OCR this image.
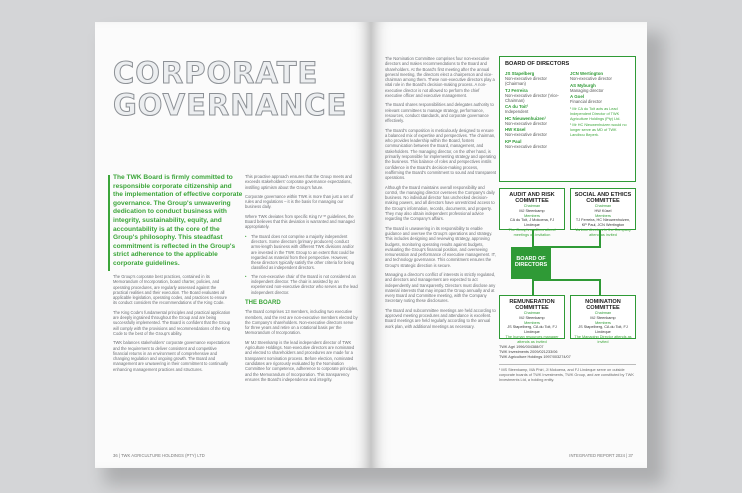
CORPORATE
GOVERNANCE
The TWK Board is firmly committed to responsible corporate citizenship and the implementation of effective corporate governance. The Group's unwavering dedication to conduct business with integrity, sustainability, equity, and accountability is at the core of the Group's philosophy. This steadfast commitment is reflected in the Group's strict adherence to the applicable corporate guidelines.

The Group's corporate best practices, contained in its Memorandum of Incorporation, board charter, policies, and operating procedures, are regularly assessed against the practical realities and their execution. The Board evaluates all applicable legislation, operating codes, and practices to ensure its conduct considers the recommendations of the King Code.

The King Code's fundamental principles and practical application are deeply ingrained throughout the Group and are being successfully implemented. The Board is confident that the Group will comply with the provisions and recommendations of the King Code to the best of the Group's ability.

TWK balances stakeholders' corporate governance expectations and the requirement to deliver consistent and competitive financial returns in an environment of comprehensive and changing regulation and ongoing growth. The Board and management are unwavering in their commitment to continually enhancing management practices and structures.

This proactive approach ensures that the Group meets and exceeds stakeholders' corporate governance expectations, instilling optimism about the Group's future.

Corporate governance within TWK is more than just a set of rules and regulations – it is the basis for managing our business daily.

Where TWK deviates from specific King IV™ guidelines, the Board believes that this deviation is warranted and managed appropriately.

• The Board does not comprise a majority independent directors. Some directors (primary producers) conduct arms-length business with different TWK divisions and/or are invested in the TWK Group to an extent that could be regarded as material from their perspective. However, these directors typically satisfy the other criteria for being classified as independent directors.
• The non-executive chair of the Board is not considered an independent director. The chair is assisted by an experienced non-executive director who serves as the lead independent director.
THE BOARD

The Board comprises 13 members, including two executive members, and the rest are non-executive members elected by the Company's shareholders. Non-executive directors serve for three years and retire on a rotational basis per the Memorandum of Incorporation.

Mr MJ Steenkamp is the lead independent director of TWK Agriculture Holdings. Non-executive directors are nominated and elected to shareholders and procedures are made for a transparent nomination process. Before election, nominated candidates are rigorously evaluated by the Nomination Committee for competence, adherence to corporate principles, and the Memorandum of Incorporation. This transparency ensures the Board's independence and integrity.

36 | TWK AGRICULTURE HOLDINGS (PTY) LTD

The Nomination Committee comprises four non-executive directors and makes recommendations to the Board and shareholders. At the Board's first meeting after the annual general meeting, the directors elect a chairperson and vice-chairman among them. These non-executive directors play a vital role in the Board's decision-making process. A non-executive director is not allowed to perform the chief executive officer and executive management.

The Board shares responsibilities and delegates authority to relevant committees to manage strategy, performance, resources, conduct standards, and corporate governance effectively.

The Board's composition is meticulously designed to ensure a balanced mix of expertise and perspectives. The chairman, who provides leadership within the Board, fosters communication between the Board, management, and stakeholders. The managing director, on the other hand, is primarily responsible for implementing strategy and operating the business. This balance of roles and perspectives instils confidence in the Board's decision-making process, reaffirming the Board's commitment to sound and transparent operations.

Although the Board maintains overall responsibility and control, the managing director oversees the Company's daily business. No individual director has unchecked decision-making powers, and all directors have unrestricted access to the Group's information, records, documents, and property. They may also obtain independent professional advice regarding the Company's affairs.

The Board is unwavering in its responsibility to enable guidance and oversee the Group's operations and strategy. This includes designing and reviewing strategy, approving budgets, monitoring operating results against budgets, evaluating the Group's financial position, and overseeing remuneration and performance of executive management. IT, and technology governance. This commitment ensures the Group's strategic direction is secure.

Managing a director's conflict of interests is strictly regulated, and directors and management are expected to act independently and transparently. Directors must disclose any material interests that may impact the Group annually and at every Board and Committee meeting, with the Company Secretary noting these disclosures.

The Board and subcommittee meetings are held according to approved meeting procedures and attendance is excellent. Board meetings are held regularly according to the annual work plan, with additional meetings as necessary.

BOARD OF DIRECTORS
JS Stapelberg
Non-executive director (Chairman)
TJ Ferreira
Non-executive director (Vice-Chairman)
CA du Toit¹
Independent
HC Nieuwenhuizen¹
Non-executive director
HW Küsel
Non-executive director
KP Paul
Non-executive director
JCN Wertington
Non-executive director
AS Myburgh
Managing director
A Goel
Financial director
¹ Mr CA du Toit acts as Lead Independent Director of TWK Agriculture Holdings (Pty) Ltd.
¹ Mr HC Nieuwenhuizen would no longer serve as MD of TWK Landbou Beperk.
AUDIT AND RISK COMMITTEE
Chairman
MJ Steenkamp
Members
CA du Toit, J Mokoena, FJ Lindeque
The Group's auditors attend meetings on invitation
SOCIAL AND ETHICS COMMITTEE
Chairman
HW Küsel
Members
TJ Ferreira, HC Nieuwenhuizen, KP Paul, JCN Wertington
Various directors in the Company attend as invited
BOARD OF DIRECTORS
REMUNERATION COMMITTEE
Chairman
MJ Steenkamp
Members
JS Stapelberg, CA du Toit, FJ Lindeque
The human resources manager attends as invited
NOMINATION COMMITTEE
Chairman
MJ Steenkamp
Members
JS Stapelberg, CA du Toit, FJ Lindeque
The Managing Director attends as invited
TWK Agri 1996/004388/07
TWK Investments 2009/021233/06
TWK Agriculture Holdings 1997/003274/07
¹ MS Steenkamp, MA Phiri, JI Mokoena, and FJ Lindeque serve on outside corporate boards of TWK Investments, TWK Group, and are constituted by TWK Investments Ltd, a holding entity.
INTEGRATED REPORT 2024 | 37
